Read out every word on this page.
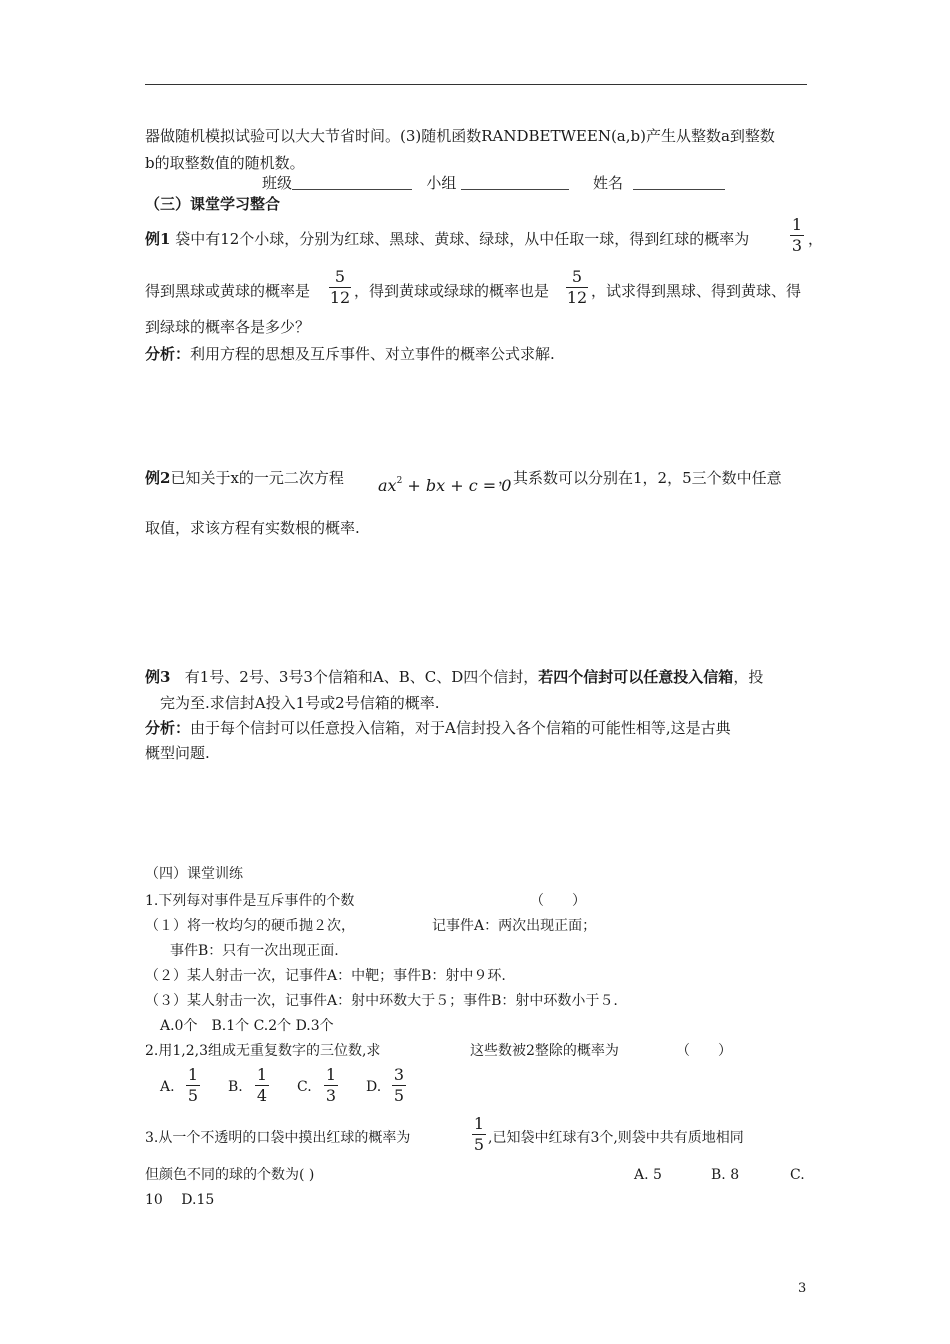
器做随机模拟试验可以大大节省时间。(3)随机函数RANDBETWEEN(a,b)产生从整数a到整数
b的取整数值的随机数。
班级	小组	姓名
（三）课堂学习整合
例1 袋中有12个小球，分别为红球、黑球、黄球、绿球，从中任取一球，得到红球的概率为
1
3 ，
得到黑球或黄球的概率是
5
12 ，得到黄球或绿球的概率也是
5
12 ，试求得到黑球、得到黄球、得
到绿球的概率各是多少？
分析：利用方程的思想及互斥事件、对立事件的概率公式求解.
例2已知关于x的一元二次方程 $ax^2$ + bx + c = 0
，其系数可以分别在1，2，5三个数中任意
取值，求该方程有实数根的概率.
例3 有1号、2号、3号3个信箱和A、B、C、D四个信封，若四个信封可以任意投入信箱，投
完为至.求信封A投入1号或2号信箱的概率.
分析：由于每个信封可以任意投入信箱，对于A信封投入各个信箱的可能性相等,这是古典
概型问题.
（四）课堂训练
1.下列每对事件是互斥事件的个数	（　　）
（１）将一枚均匀的硬币抛２次，	记事件A：两次出现正面；
事件B：只有一次出现正面.
（２）某人射击一次，记事件A：中靶；事件B：射中９环.
（３）某人射击一次，记事件A：射中环数大于５；事件B：射中环数小于５.
A.0个　B.1个 C.2个 D.3个
2.用1,2,3组成无重复数字的三位数,求	这些数被2整除的概率为	（　　）
A.
1
5 B.
1
4 C.
1
3 D.
3
5
3.从一个不透明的口袋中摸出红球的概率为
1
5 ,已知袋中红球有3个,则袋中共有质地相同
但颜色不同的球的个数为( )	A. 5	B. 8	C.
10　 D.15
3
